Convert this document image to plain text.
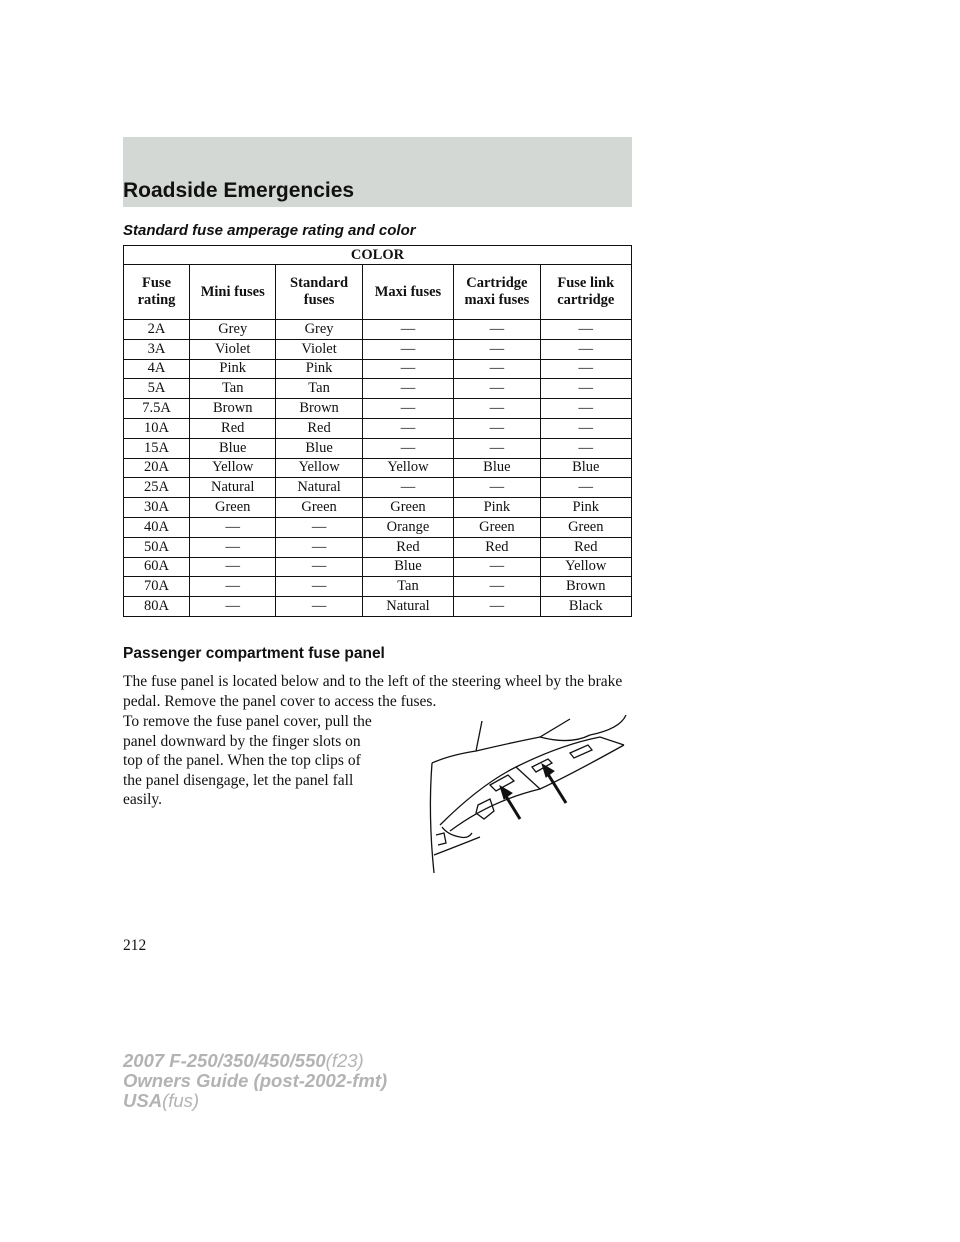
Roadside Emergencies
Standard fuse amperage rating and color
COLOR					
Fuse rating	Mini fuses	Standard fuses	Maxi fuses	Cartridge maxi fuses	Fuse link cartridge
2A	Grey	Grey	—	—	—
3A	Violet	Violet	—	—	—
4A	Pink	Pink	—	—	—
5A	Tan	Tan	—	—	—
7.5A	Brown	Brown	—	—	—
10A	Red	Red	—	—	—
15A	Blue	Blue	—	—	—
20A	Yellow	Yellow	Yellow	Blue	Blue
25A	Natural	Natural	—	—	—
30A	Green	Green	Green	Pink	Pink
40A	—	—	Orange	Green	Green
50A	—	—	Red	Red	Red
60A	—	—	Blue	—	Yellow
70A	—	—	Tan	—	Brown
80A	—	—	Natural	—	Black
Passenger compartment fuse panel
The fuse panel is located below and to the left of the steering wheel by the brake pedal. Remove the panel cover to access the fuses.
To remove the fuse panel cover, pull the panel downward by the finger slots on top of the panel. When the top clips of the panel disengage, let the panel fall easily.
212
2007 F-250/350/450/550(f23)
Owners Guide (post-2002-fmt)
USA(fus)
